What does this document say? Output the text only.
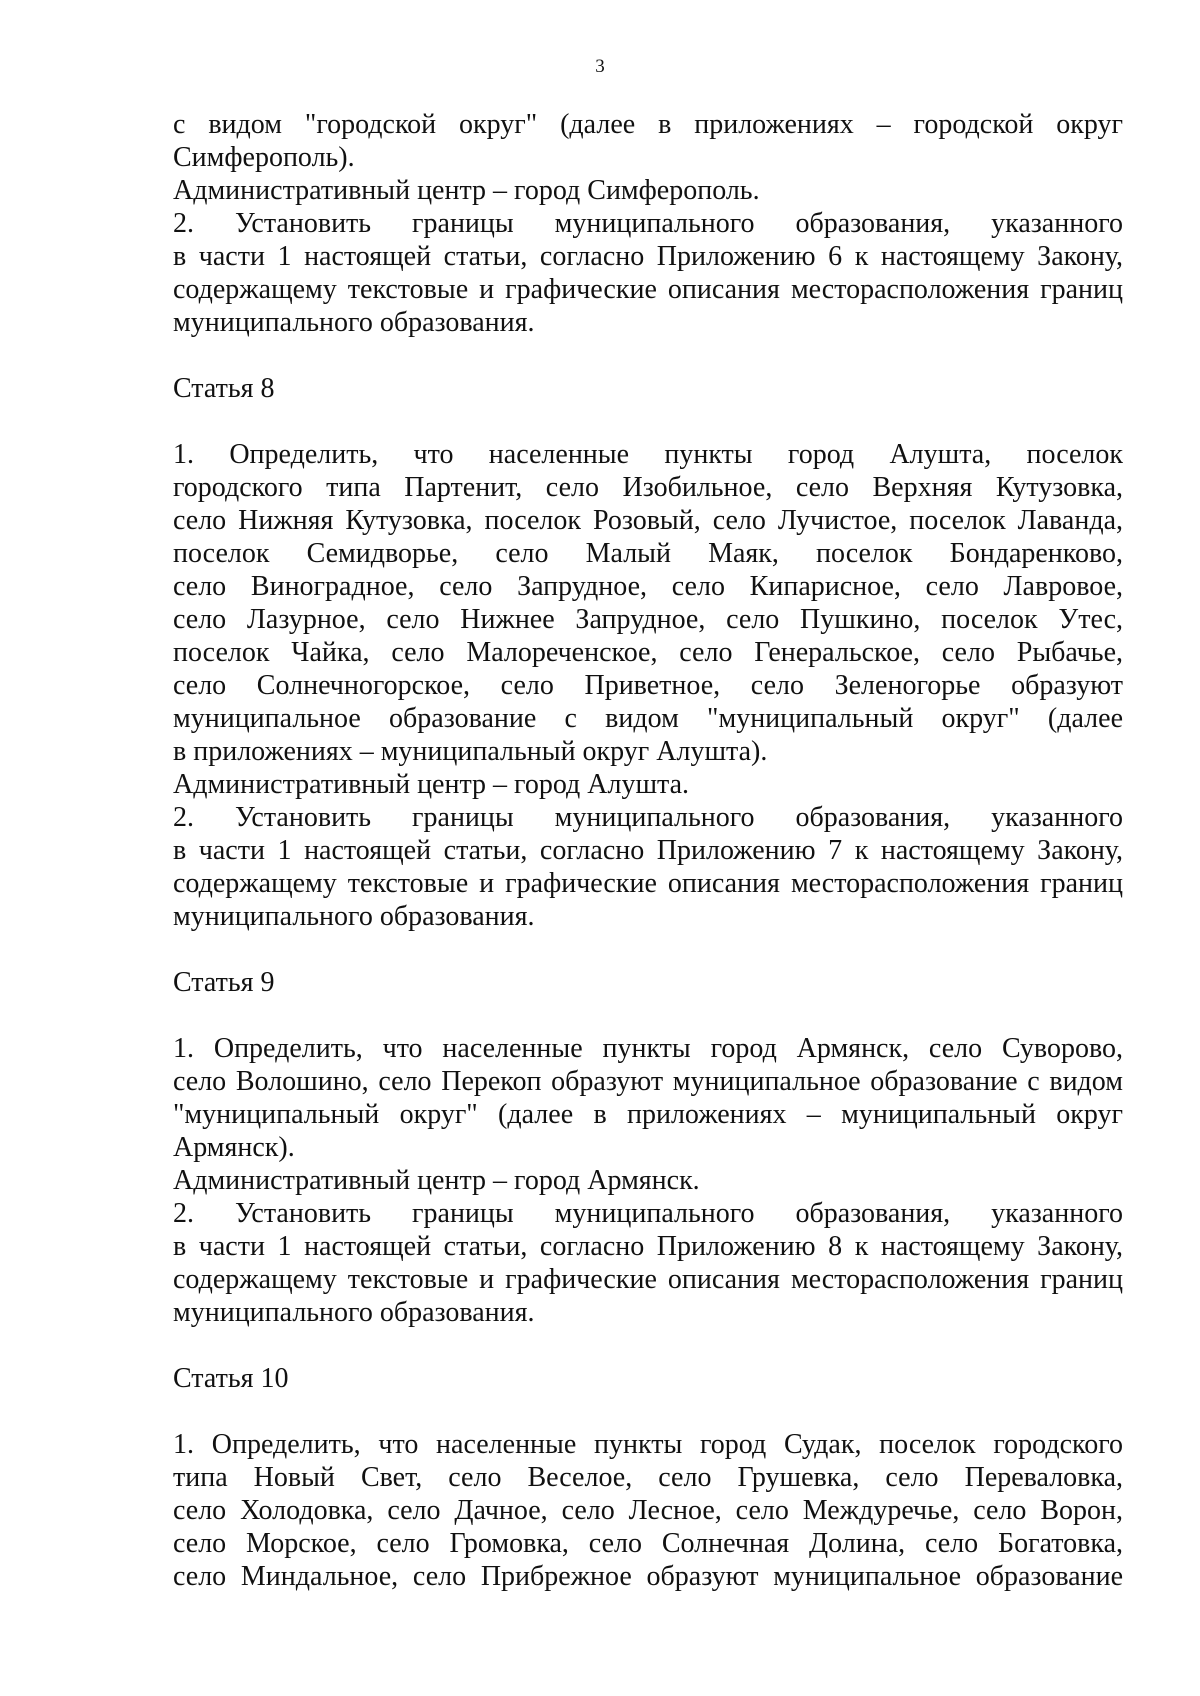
3
с видом "городской округ" (далее в приложениях – городской округ
Симферополь).
Административный центр – город Симферополь.
2. Установить границы муниципального образования, указанного
в части 1 настоящей статьи, согласно Приложению 6 к настоящему Закону,
содержащему текстовые и графические описания месторасположения границ
муниципального образования.
Статья 8
1. Определить, что населенные пункты город Алушта, поселок
городского типа Партенит, село Изобильное, село Верхняя Кутузовка,
село Нижняя Кутузовка, поселок Розовый, село Лучистое, поселок Лаванда,
поселок Семидворье, село Малый Маяк, поселок Бондаренково,
село Виноградное, село Запрудное, село Кипарисное, село Лавровое,
село Лазурное, село Нижнее Запрудное, село Пушкино, поселок Утес,
поселок Чайка, село Малореченское, село Генеральское, село Рыбачье,
село Солнечногорское, село Приветное, село Зеленогорье образуют
муниципальное образование с видом "муниципальный округ" (далее
в приложениях – муниципальный округ Алушта).
Административный центр – город Алушта.
2. Установить границы муниципального образования, указанного
в части 1 настоящей статьи, согласно Приложению 7 к настоящему Закону,
содержащему текстовые и графические описания месторасположения границ
муниципального образования.
Статья 9
1. Определить, что населенные пункты город Армянск, село Суворово,
село Волошино, село Перекоп образуют муниципальное образование с видом
"муниципальный округ" (далее в приложениях – муниципальный округ
Армянск).
Административный центр – город Армянск.
2. Установить границы муниципального образования, указанного
в части 1 настоящей статьи, согласно Приложению 8 к настоящему Закону,
содержащему текстовые и графические описания месторасположения границ
муниципального образования.
Статья 10
1. Определить, что населенные пункты город Судак, поселок городского
типа Новый Свет, село Веселое, село Грушевка, село Переваловка,
село Холодовка, село Дачное, село Лесное, село Междуречье, село Ворон,
село Морское, село Громовка, село Солнечная Долина, село Богатовка,
село Миндальное, село Прибрежное образуют муниципальное образование
